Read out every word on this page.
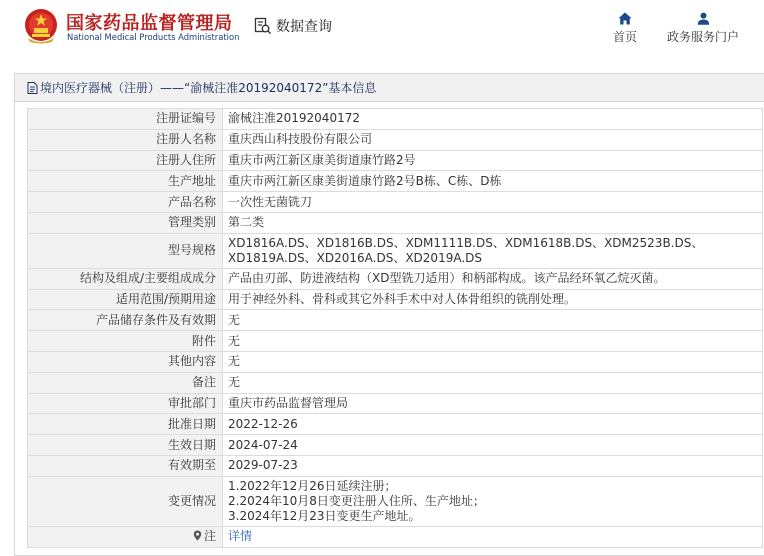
国家药品监督管理局
National Medical Products Administration
数据查询
首页 政务服务门户
境内医疗器械（注册）——“渝械注准20192040172”基本信息
注册证编号	渝械注准20192040172
注册人名称	重庆西山科技股份有限公司
注册人住所	重庆市两江新区康美街道康竹路2号
生产地址	重庆市两江新区康美街道康竹路2号B栋、C栋、D栋
产品名称	一次性无菌铣刀
管理类别	第二类
型号规格	XD1816A.DS、XD1816B.DS、XDM1111B.DS、XDM1618B.DS、XDM2523B.DS、XD1819A.DS、XD2016A.DS、XD2019A.DS
结构及组成/主要组成成分	产品由刃部、防进液结构（XD型铣刀适用）和柄部构成。该产品经环氧乙烷灭菌。
适用范围/预期用途	用于神经外科、骨科或其它外科手术中对人体骨组织的铣削处理。
产品储存条件及有效期	无
附件	无
其他内容	无
备注	无
审批部门	重庆市药品监督管理局
批准日期	2022-12-26
生效日期	2024-07-24
有效期至	2029-07-23
变更情况	1.2022年12月26日延续注册；
2.2024年10月8日变更注册人住所、生产地址；
3.2024年12月23日变更生产地址。
注	详情
